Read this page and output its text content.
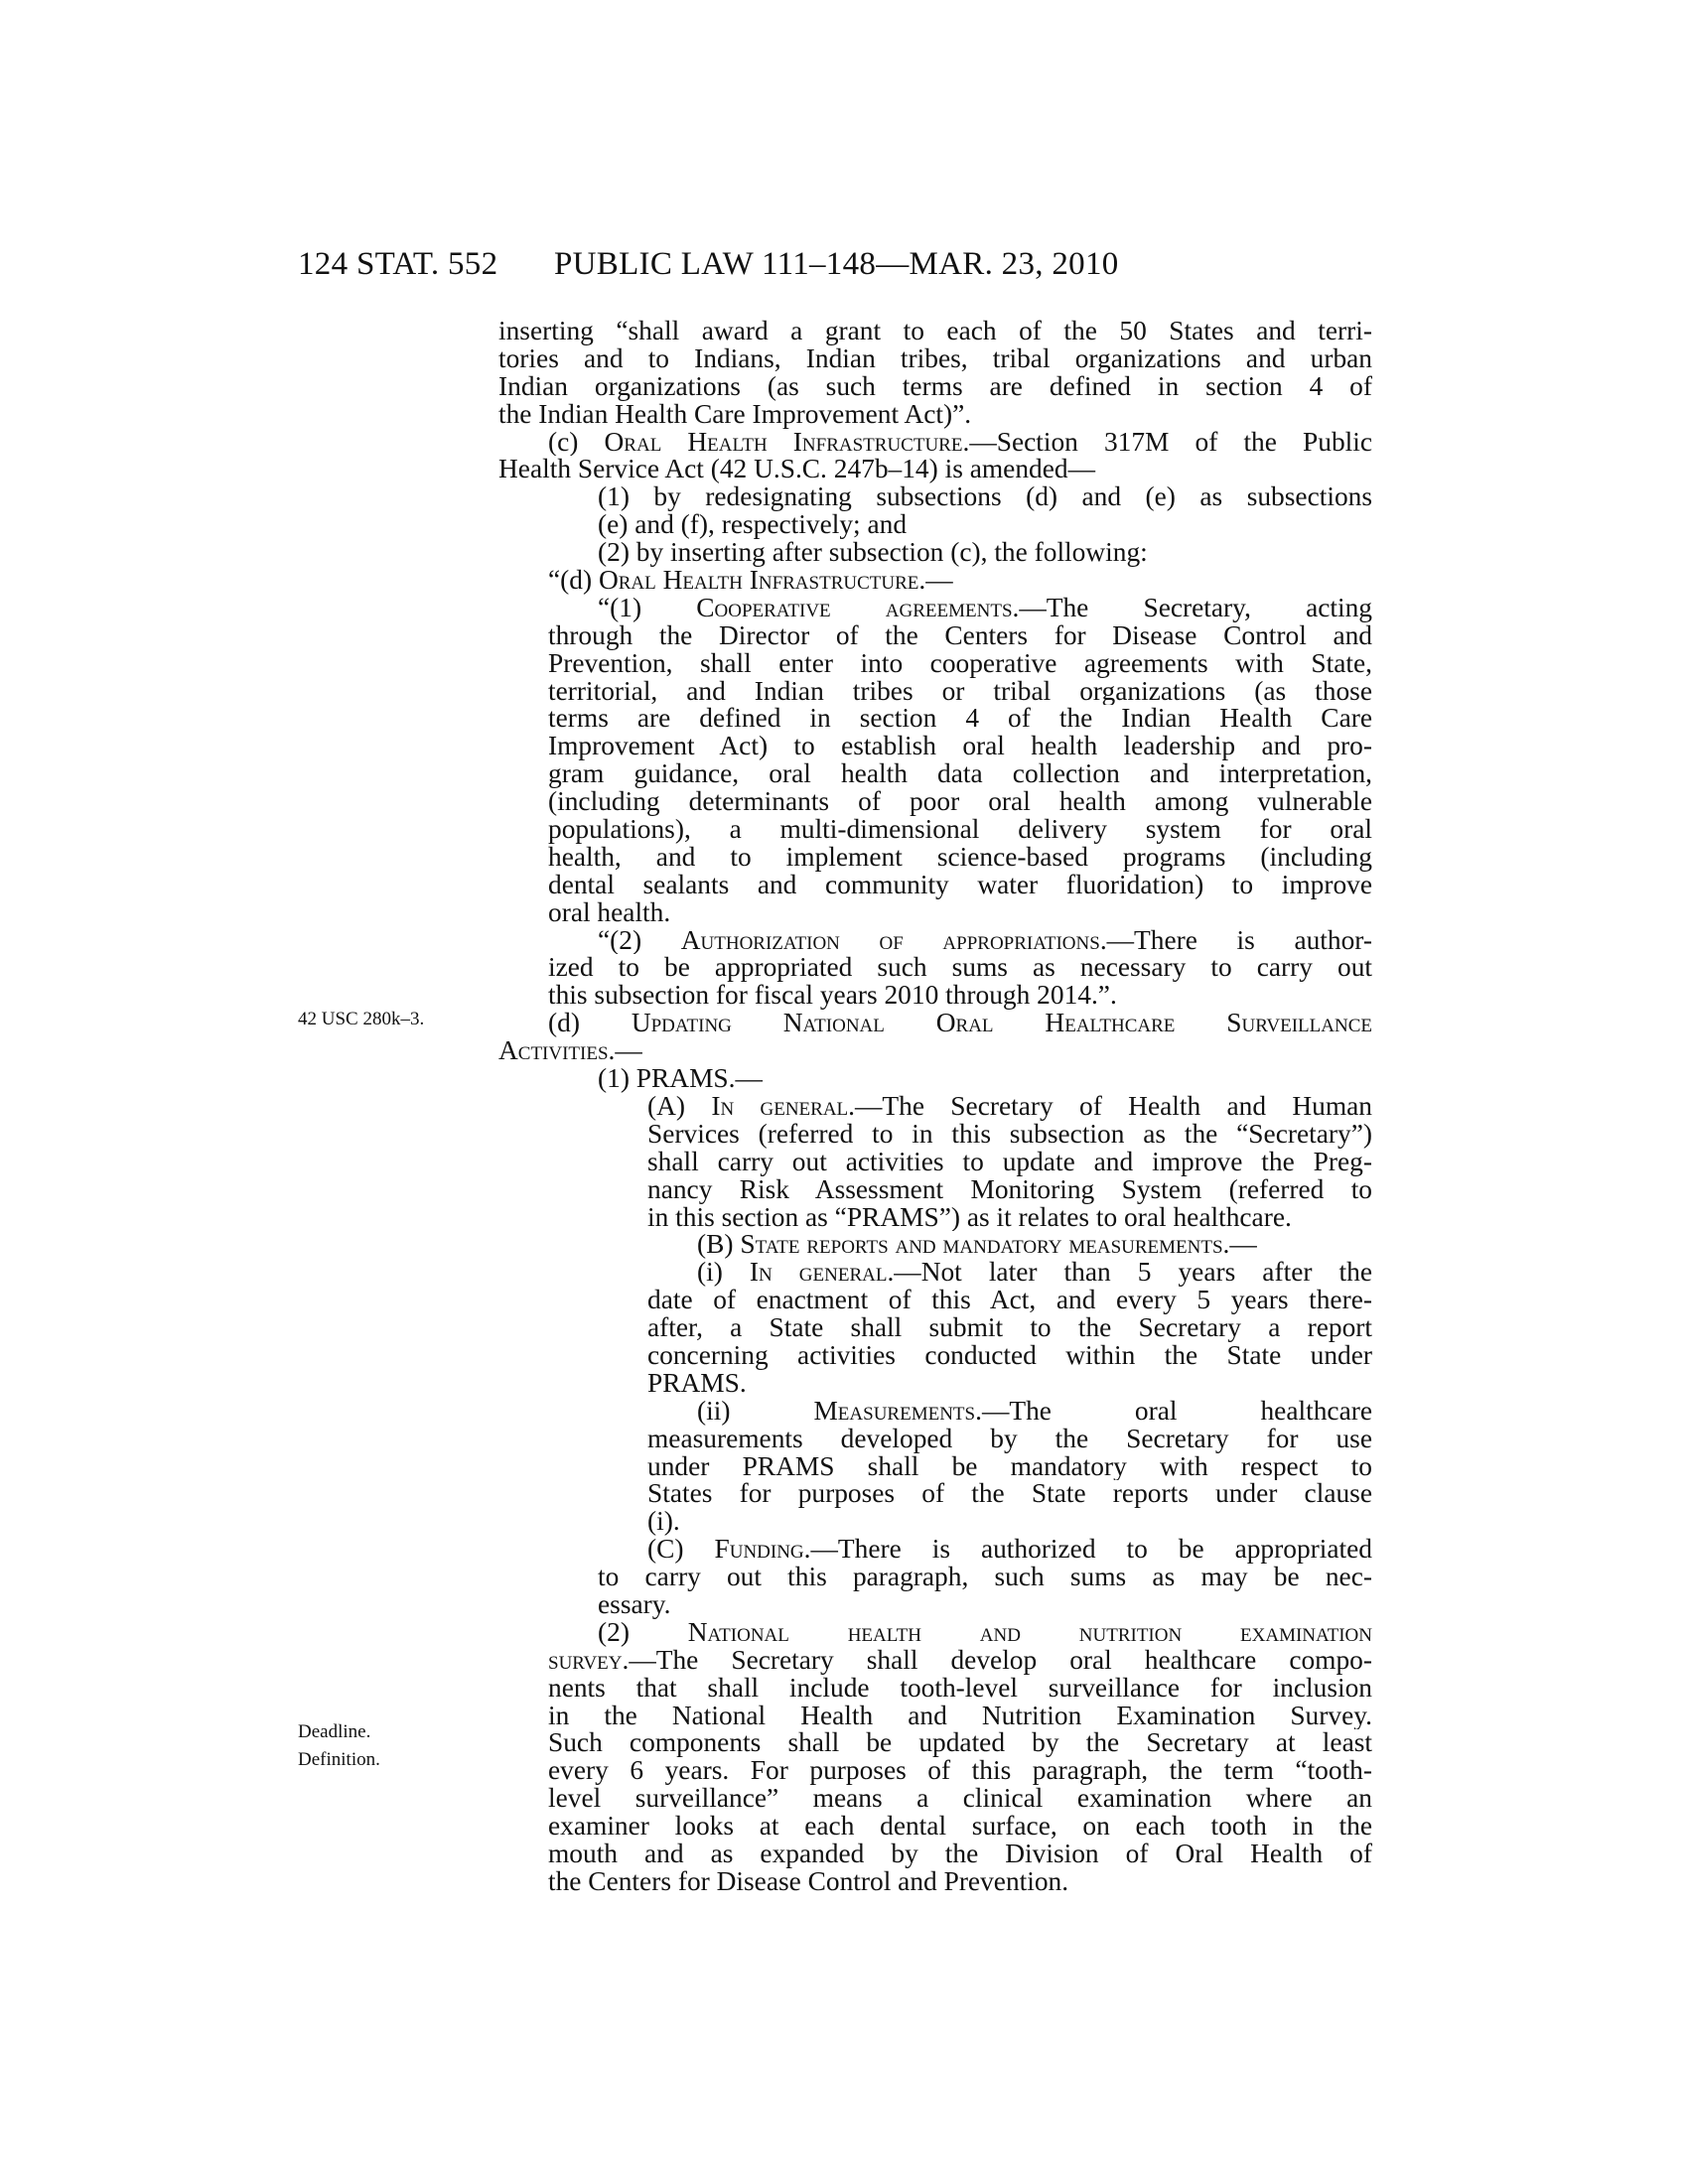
124 STAT. 552 PUBLIC LAW 111–148—MAR. 23, 2010
42 USC 280k–3.
Deadline.
Definition.
inserting “shall award a grant to each of the 50 States and terri-
tories and to Indians, Indian tribes, tribal organizations and urban
Indian organizations (as such terms are defined in section 4 of
the Indian Health Care Improvement Act)”.
(c) Oral Health Infrastructure.—Section 317M of the Public
Health Service Act (42 U.S.C. 247b–14) is amended—
(1) by redesignating subsections (d) and (e) as subsections
(e) and (f), respectively; and
(2) by inserting after subsection (c), the following:
“(d) Oral Health Infrastructure.—
“(1) Cooperative agreements.—The Secretary, acting
through the Director of the Centers for Disease Control and
Prevention, shall enter into cooperative agreements with State,
territorial, and Indian tribes or tribal organizations (as those
terms are defined in section 4 of the Indian Health Care
Improvement Act) to establish oral health leadership and pro-
gram guidance, oral health data collection and interpretation,
(including determinants of poor oral health among vulnerable
populations), a multi-dimensional delivery system for oral
health, and to implement science-based programs (including
dental sealants and community water fluoridation) to improve
oral health.
“(2) Authorization of appropriations.—There is author-
ized to be appropriated such sums as necessary to carry out
this subsection for fiscal years 2010 through 2014.”.
(d) Updating National Oral Healthcare Surveillance
Activities.—
(1) PRAMS.—
(A) In general.—The Secretary of Health and Human
Services (referred to in this subsection as the “Secretary”)
shall carry out activities to update and improve the Preg-
nancy Risk Assessment Monitoring System (referred to
in this section as “PRAMS”) as it relates to oral healthcare.
(B) State reports and mandatory measurements.—
(i) In general.—Not later than 5 years after the
date of enactment of this Act, and every 5 years there-
after, a State shall submit to the Secretary a report
concerning activities conducted within the State under
PRAMS.
(ii) Measurements.—The oral healthcare
measurements developed by the Secretary for use
under PRAMS shall be mandatory with respect to
States for purposes of the State reports under clause
(i).
(C) Funding.—There is authorized to be appropriated
to carry out this paragraph, such sums as may be nec-
essary.
(2) National health and nutrition examination
survey.—The Secretary shall develop oral healthcare compo-
nents that shall include tooth-level surveillance for inclusion
in the National Health and Nutrition Examination Survey.
Such components shall be updated by the Secretary at least
every 6 years. For purposes of this paragraph, the term “tooth-
level surveillance” means a clinical examination where an
examiner looks at each dental surface, on each tooth in the
mouth and as expanded by the Division of Oral Health of
the Centers for Disease Control and Prevention.
